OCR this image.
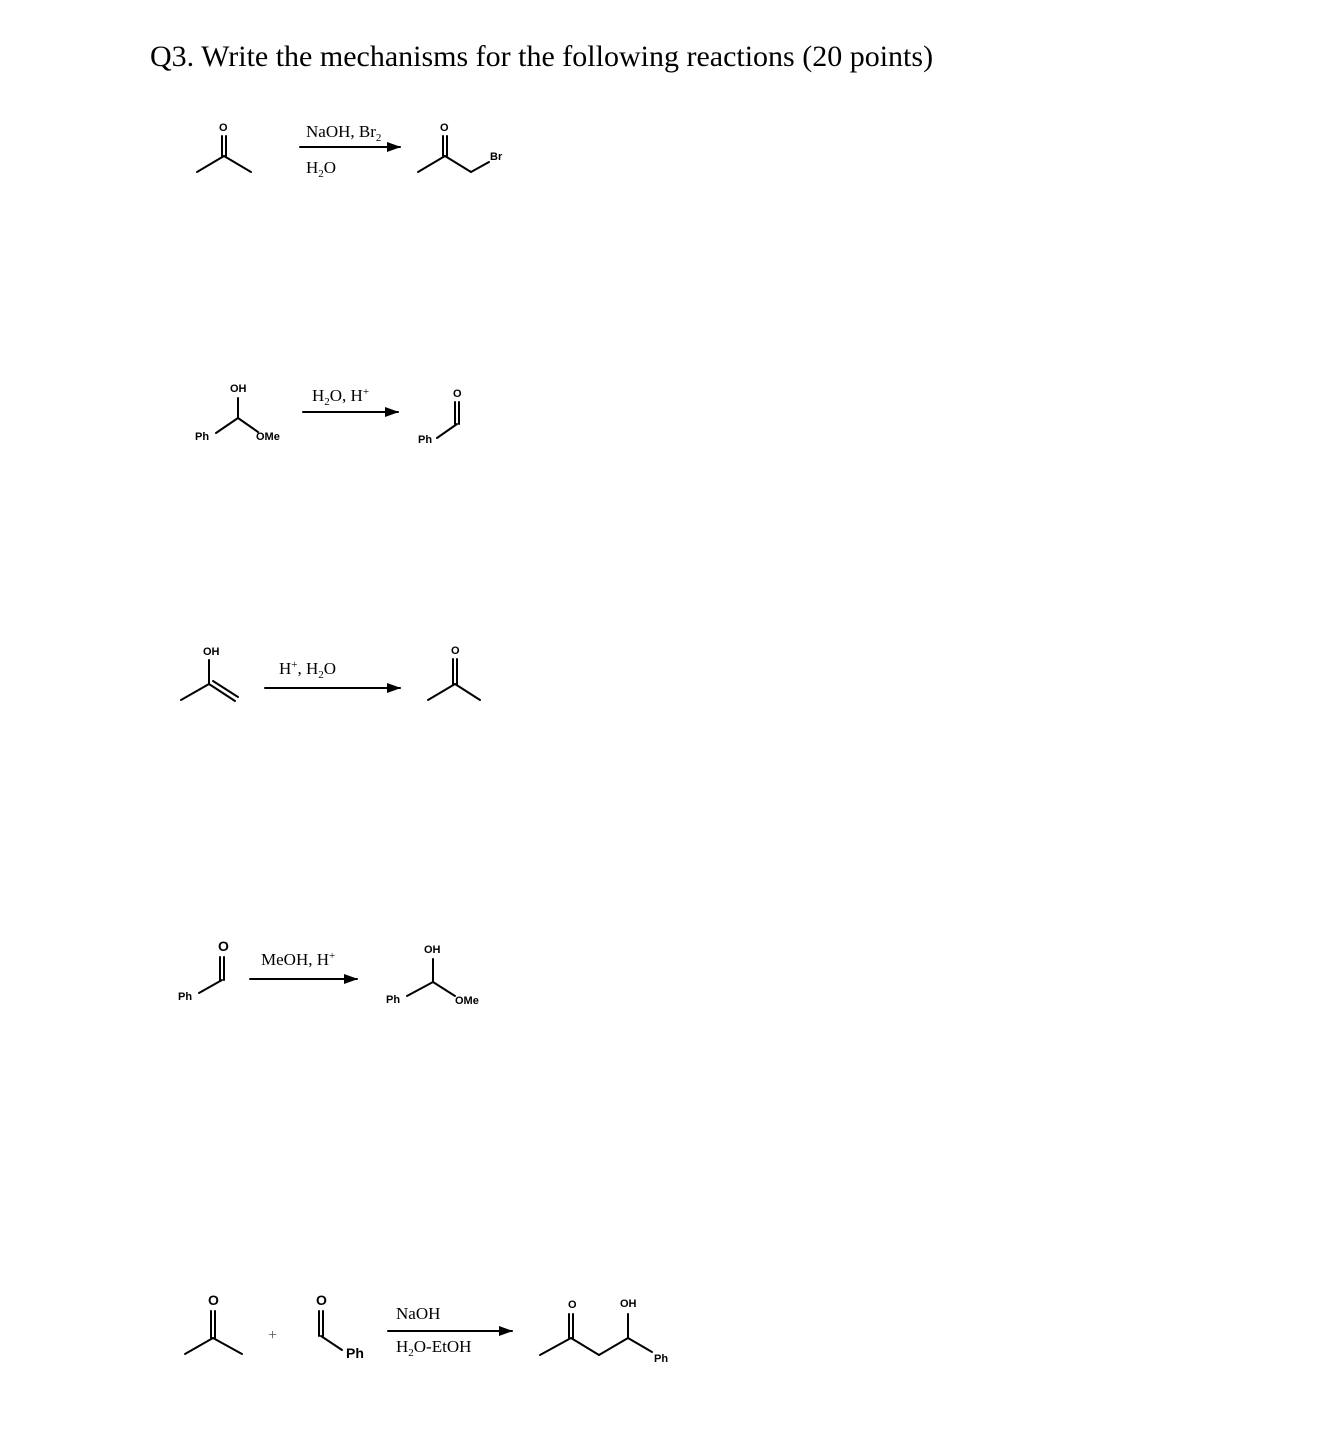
Q3. Write the mechanisms for the following reactions (20 points)
O	NaOH, $Br_2$
$H_2O$
O
Br
OH
Ph	OMe
$H_2O$, H+	O
Ph
OH
H+, $H_2O$
O
O
Ph
MeOH, H+	OH
Ph	OMe
O
+
O
Ph
NaOH
$H_2O$-EtOH
O	OH
Ph
